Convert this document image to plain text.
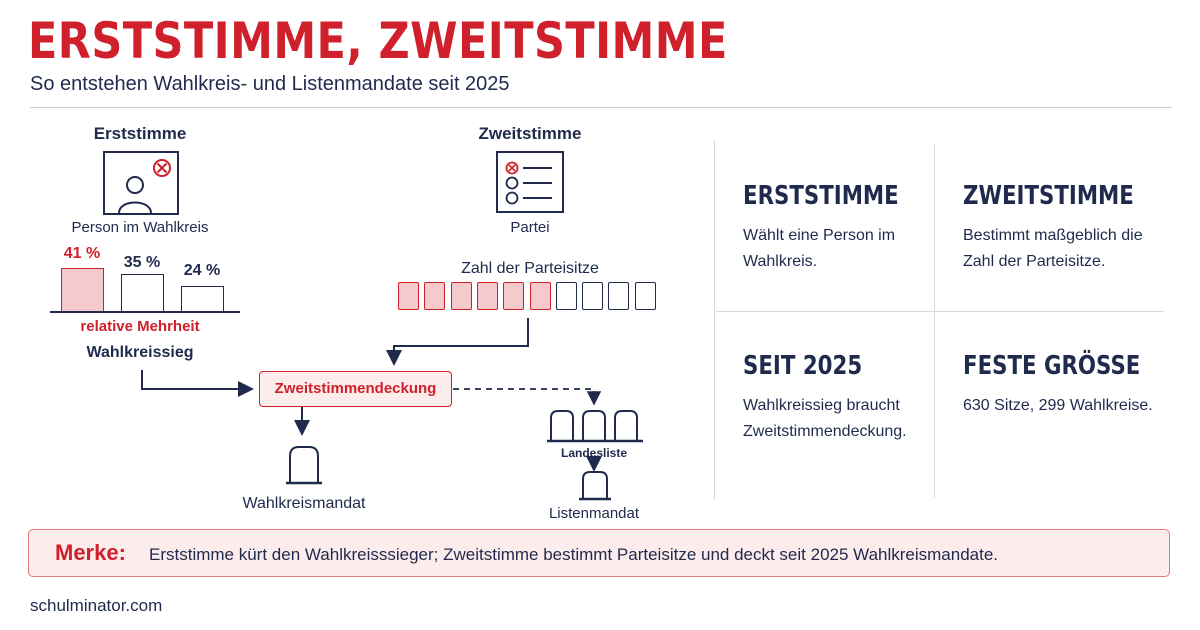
ERSTSTIMME, ZWEITSTIMME
So entstehen Wahlkreis- und Listenmandate seit 2025
Erststimme
Person im Wahlkreis
41 %
35 %	24 %
relative Mehrheit
Wahlkreissieg
Zweitstimme
Partei
Zahl der Parteisitze
Zweitstimmendeckung
Wahlkreismandat
Landesliste
Listenmandat
ERSTSTIMME
Wählt eine Person im Wahlkreis.
ZWEITSTIMME
Bestimmt maßgeblich die Zahl der Parteisitze.
SEIT 2025
Wahlkreissieg braucht Zweitstimmendeckung.
FESTE GRÖSSE
630 Sitze, 299 Wahlkreise.
Merke: Erststimme kürt den Wahlkreisssieger; Zweitstimme bestimmt Parteisitze und deckt seit 2025 Wahlkreismandate.
schulminator.com
